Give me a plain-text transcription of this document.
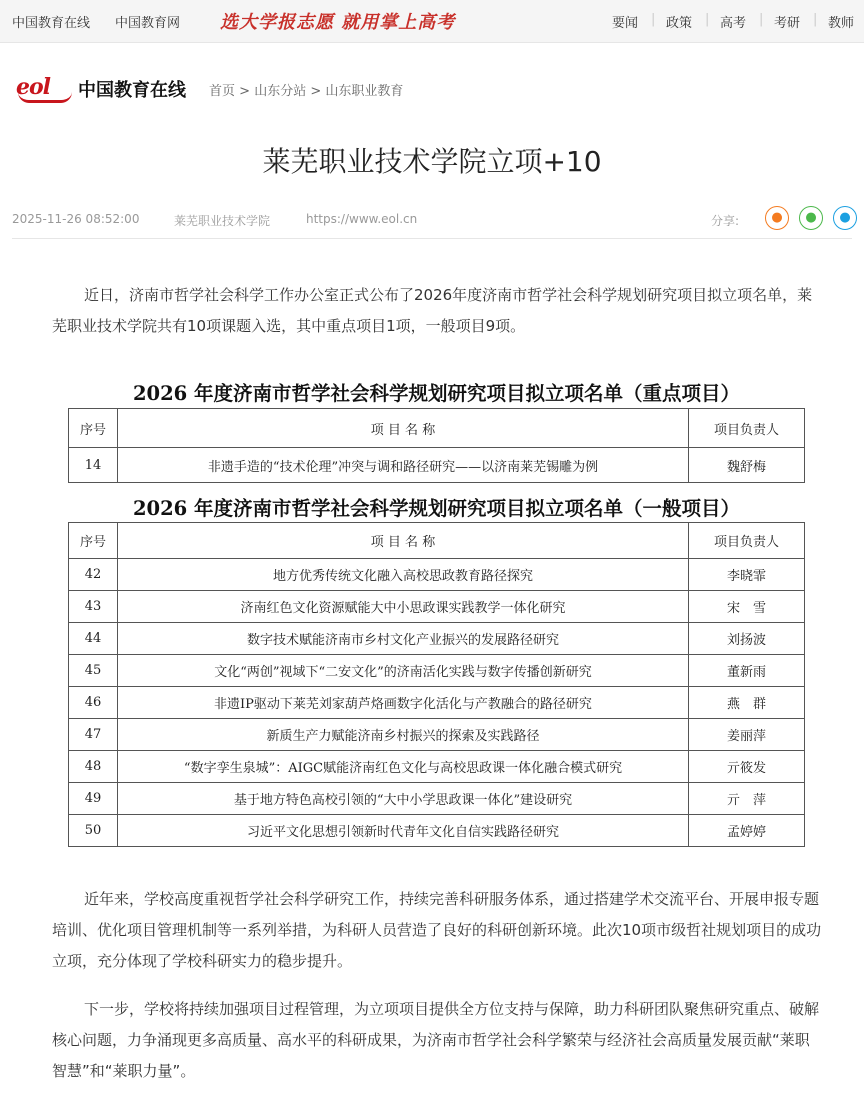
中国教育在线 中国教育网 选大学报志愿 就用掌上高考	要闻 | 政策 | 高考 | 考研 | 教师
eol 中国教育在线 首页 > 山东分站 > 山东职业教育
莱芜职业技术学院立项+10
2025-11-26 08:52:00	莱芜职业技术学院	https://www.eol.cn	分享:	●	●	●

近日，济南市哲学社会科学工作办公室正式公布了2026年度济南市哲学社会科学规划研究项目拟立项名单，莱芜职业技术学院共有10项课题入选，其中重点项目1项，一般项目9项。

2026 年度济南市哲学社会科学规划研究项目拟立项名单（重点项目）
序号	项 目 名 称	项目负责人
14	非遗手造的“技术伦理”冲突与调和路径研究——以济南莱芜锡雕为例	魏舒梅
2026 年度济南市哲学社会科学规划研究项目拟立项名单（一般项目）
序号	项 目 名 称	项目负责人
42	地方优秀传统文化融入高校思政教育路径探究	李晓霏
43	济南红色文化资源赋能大中小思政课实践教学一体化研究	宋　雪
44	数字技术赋能济南市乡村文化产业振兴的发展路径研究	刘扬波
45	文化“两创”视域下“二安文化”的济南活化实践与数字传播创新研究	董新雨
46	非遗IP驱动下莱芜刘家葫芦烙画数字化活化与产教融合的路径研究	燕　群
47	新质生产力赋能济南乡村振兴的探索及实践路径	姜丽萍
48	“数字孪生泉城”：AIGC赋能济南红色文化与高校思政课一体化融合模式研究	亓筱发
49	基于地方特色高校引领的“大中小学思政课一体化”建设研究	亓　萍
50	习近平文化思想引领新时代青年文化自信实践路径研究	孟婷婷

近年来，学校高度重视哲学社会科学研究工作，持续完善科研服务体系，通过搭建学术交流平台、开展申报专题培训、优化项目管理机制等一系列举措，为科研人员营造了良好的科研创新环境。此次10项市级哲社规划项目的成功立项，充分体现了学校科研实力的稳步提升。

下一步，学校将持续加强项目过程管理，为立项项目提供全方位支持与保障，助力科研团队聚焦研究重点、破解核心问题，力争涌现更多高质量、高水平的科研成果，为济南市哲学社会科学繁荣与经济社会高质量发展贡献“莱职智慧”和“莱职力量”。
